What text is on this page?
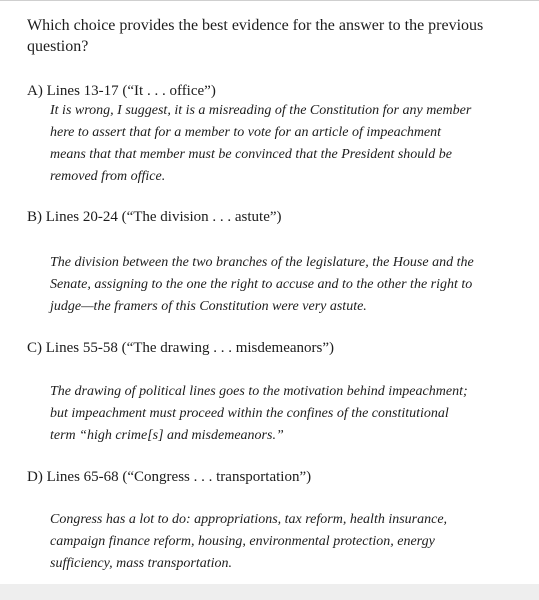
Which choice provides the best evidence for the answer to the previous question?
A) Lines 13-17 (“It . . . office”)
It is wrong, I suggest, it is a misreading of the Constitution for any member
here to assert that for a member to vote for an article of impeachment
means that that member must be convinced that the President should be
removed from office.
B) Lines 20-24 (“The division . . . astute”)
The division between the two branches of the legislature, the House and the
Senate, assigning to the one the right to accuse and to the other the right to
judge—the framers of this Constitution were very astute.
C) Lines 55-58 (“The drawing . . . misdemeanors”)
The drawing of political lines goes to the motivation behind impeachment;
but impeachment must proceed within the confines of the constitutional
term “high crime[s] and misdemeanors.”
D) Lines 65-68 (“Congress . . . transportation”)
Congress has a lot to do: appropriations, tax reform, health insurance,
campaign finance reform, housing, environmental protection, energy
sufficiency, mass transportation.
